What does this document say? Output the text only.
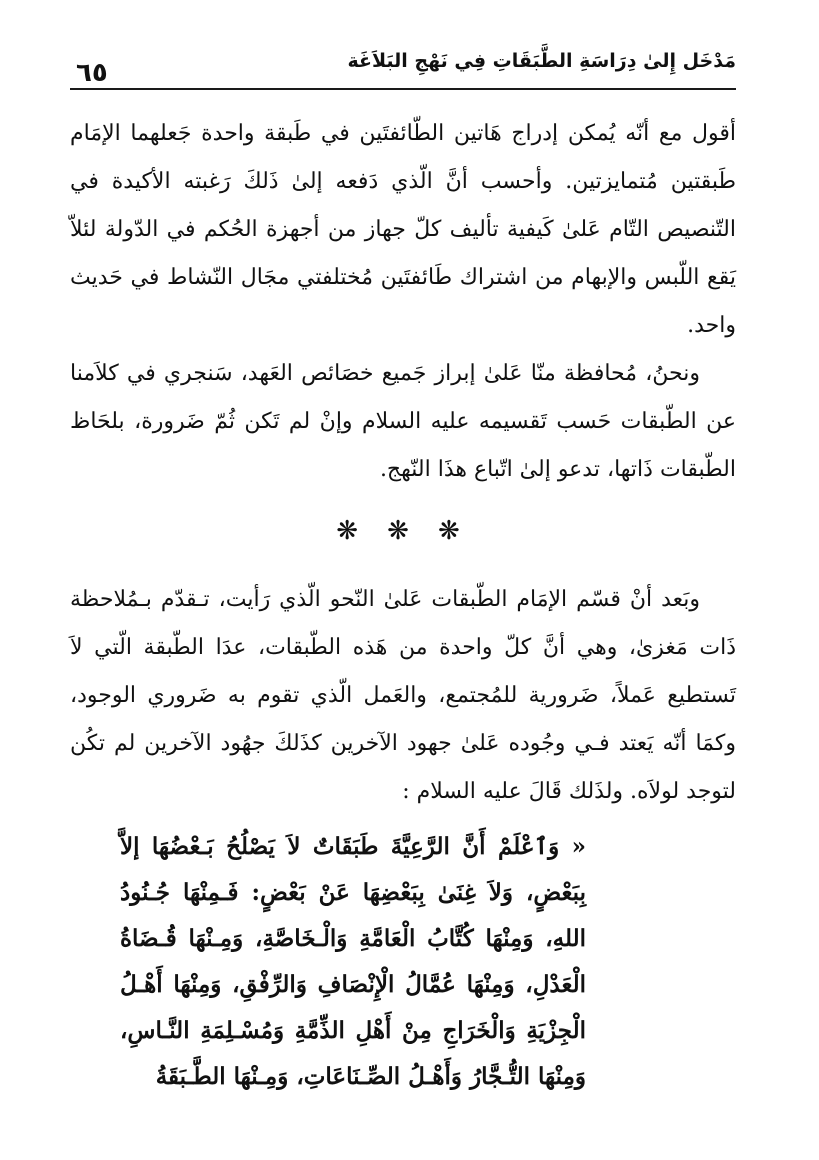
٦٥	مَدْخَل إِلىٰ دِرَاسَةِ الطَّبَقَاتِ فِي نَهْجِ البَلاَغَة

أقول مع أنّه يُمكن إدراج هَاتين الطّائفتَين في طَبقة واحدة جَعلهما الإمَام طَبقتين مُتمايزتين. وأحسب أنَّ الّذي دَفعه إلىٰ ذَلكَ رَغبته الأكيدة في التّنصيص التّام عَلىٰ كَيفية تأليف كلّ جهاز من أجهزة الحُكم في الدّولة لئلاّ يَقع اللّبس والإبهام من اشتراك طَائفتَين مُختلفتي مجَال النّشاط في حَديث واحد.

ونحنُ، مُحافظة منّا عَلىٰ إبراز جَميع خصَائص العَهد، سَنجري في كلاَمنا عن الطّبقات حَسب تَقسيمه عليه السلام وإنْ لم تَكن ثُمّ ضَرورة، بلحَاظ الطّبقات ذَاتها، تدعو إلىٰ اتّباع هذَا النّهج.

❋ ❋ ❋

وبَعد أنْ قسّم الإمَام الطّبقات عَلىٰ النّحو الّذي رَأيت، تـقدّم بـمُلاحظة ذَات مَغزىٰ، وهي أنَّ كلّ واحدة من هَذه الطّبقات، عدَا الطّبقة الّتي لاَ تَستطيع عَملاً، ضَرورية للمُجتمع، والعَمل الّذي تقوم به ضَروري الوجود، وكمَا أنّه يَعتد فـي وجُوده عَلىٰ جهود الآخرين كذَلكَ جهُود الآخرين لم تكُن لتوجد لولاَه. ولذَلك قَالَ عليه السلام :

« وَٱعْلَمْ أَنَّ الرَّعِيَّةَ طَبَقَاتٌ لاَ يَصْلُحُ بَـعْضُهَا إلاَّ بِبَعْضٍ، وَلاَ غِنَىٰ بِبَعْضِهَا عَنْ بَعْضٍ: فَـمِنْهَا جُـنُودُ اللهِ، وَمِنْهَا كُتَّابُ الْعَامَّةِ وَالْـخَاصَّةِ، وَمِـنْهَا قُـضَاةُ الْعَدْلِ، وَمِنْهَا عُمَّالُ الْإِنْصَافِ وَالرِّفْقِ، وَمِنْهَا أَهْـلُ الْجِزْيَةِ وَالْخَرَاجِ مِنْ أَهْلِ الذِّمَّةِ وَمُسْـلِمَةِ النَّـاسِ، وَمِنْهَا التُّـجَّارُ وَأَهْـلُ الصِّـنَاعَاتِ، وَمِـنْهَا الطَّـبَقَةُ
